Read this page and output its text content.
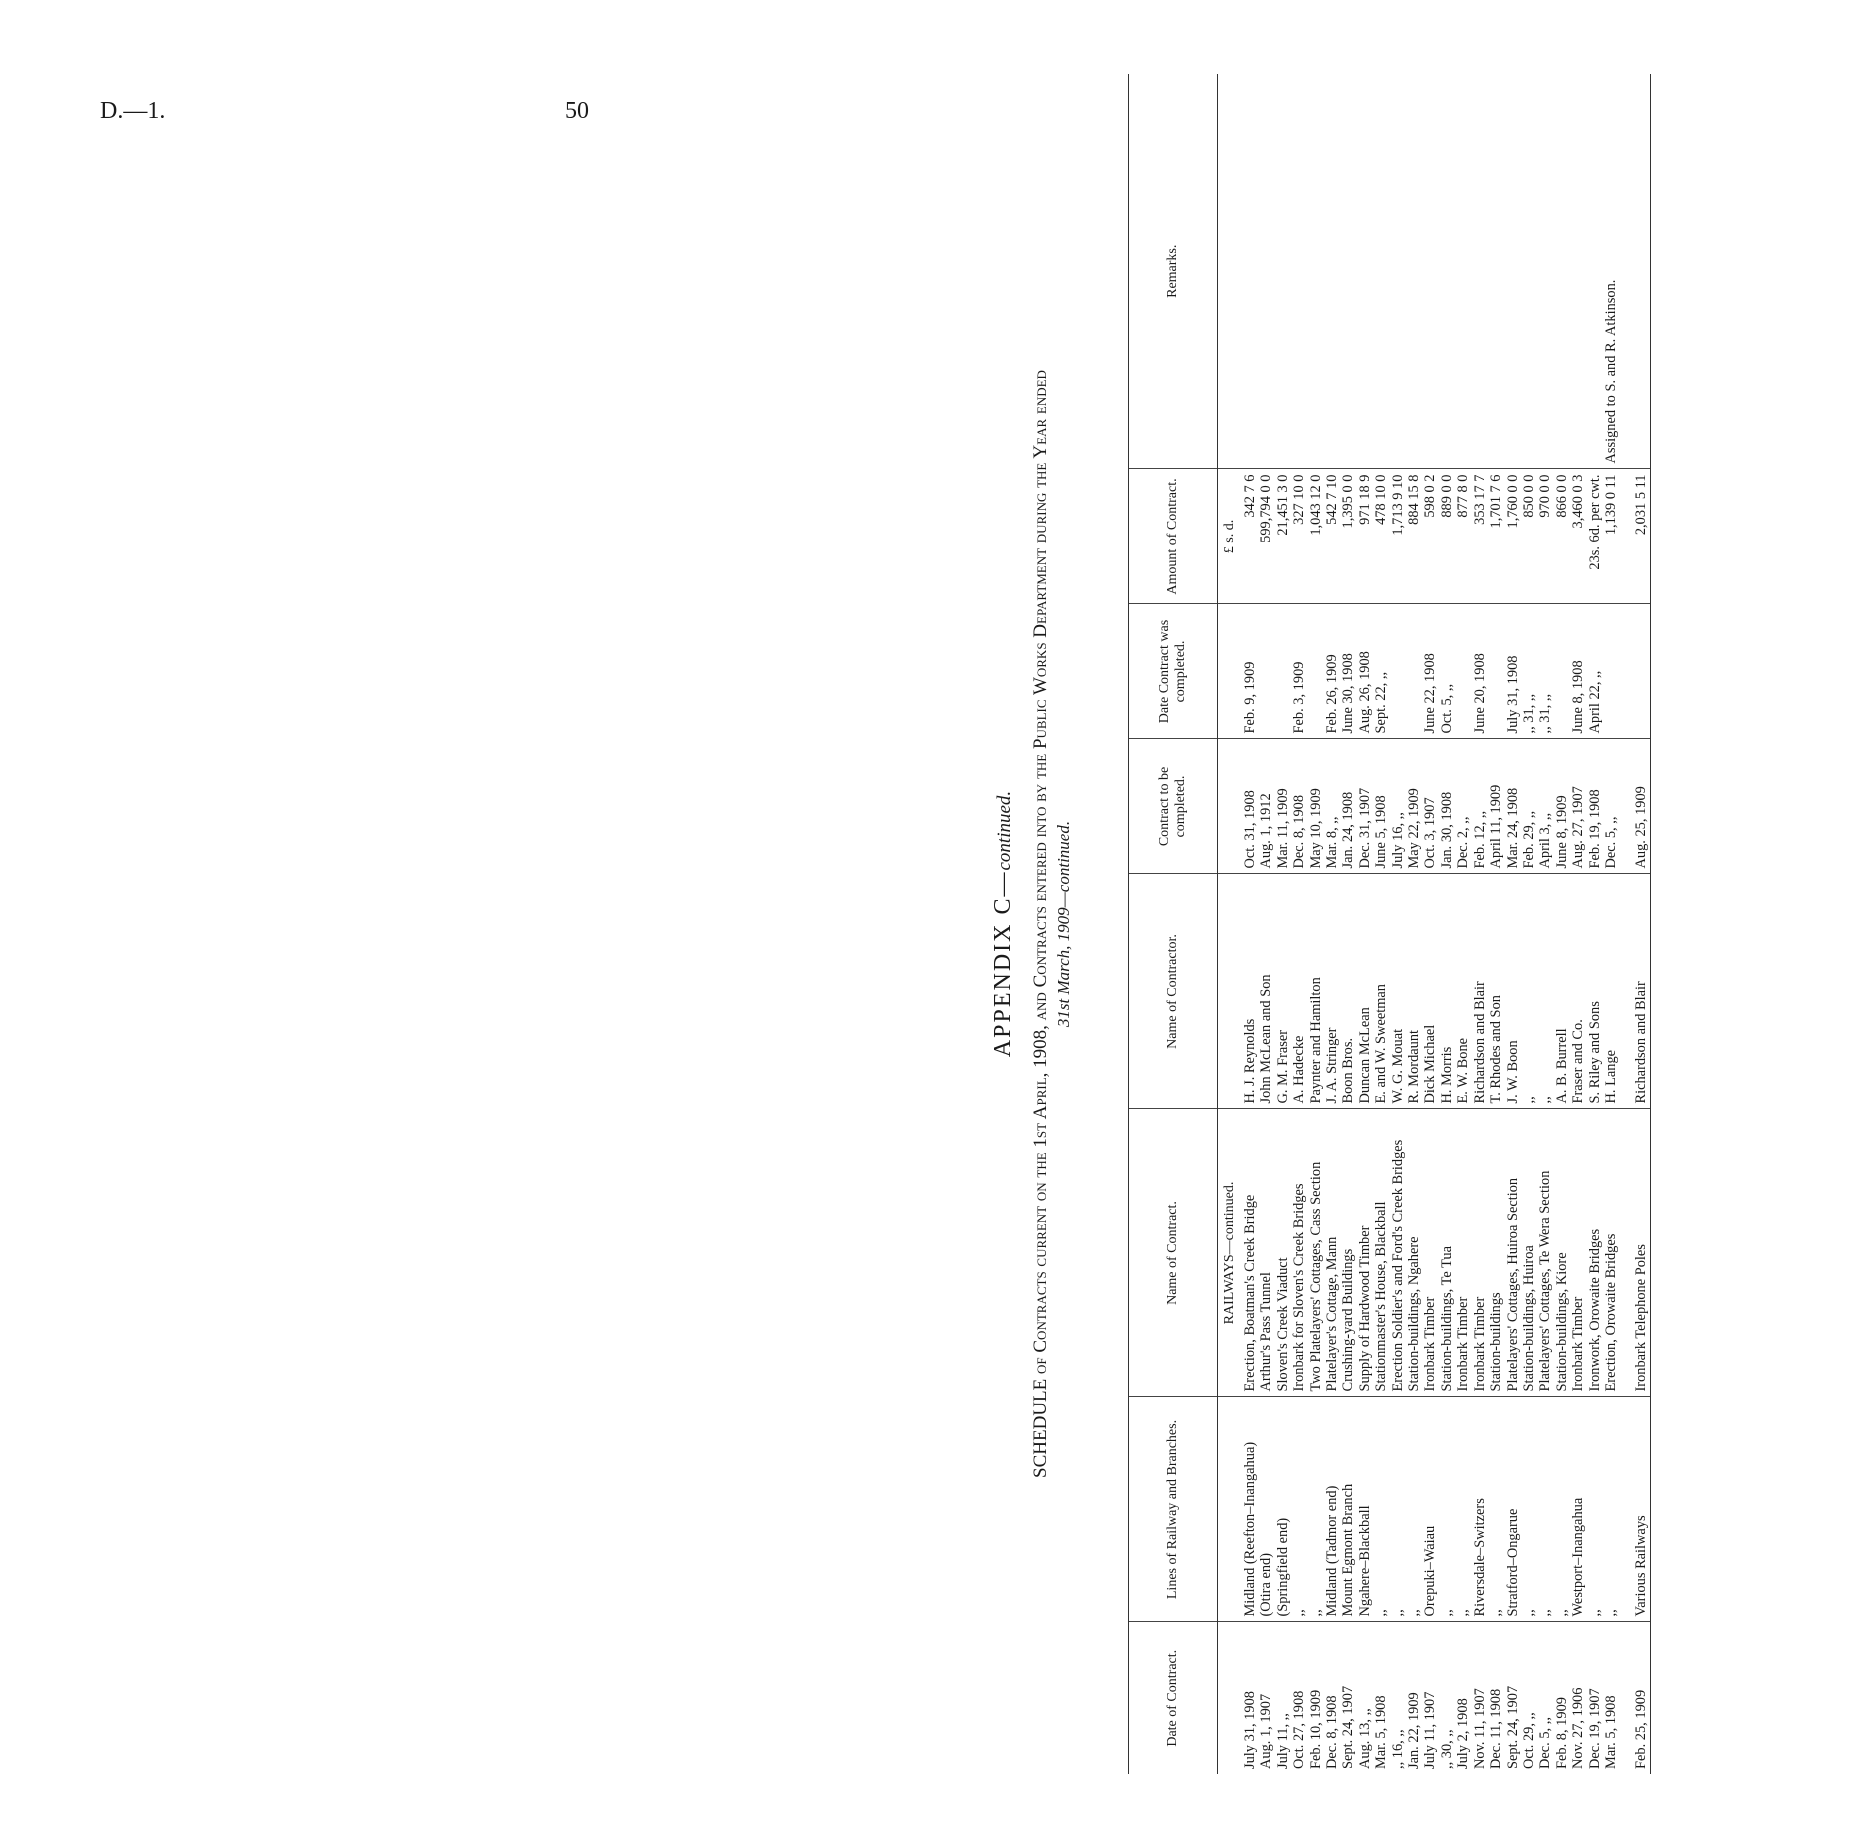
D.—1.	50
APPENDIX C—continued. SCHEDULE of Contracts current on the 1st April, 1908, and Contracts entered into by the Public Works Department during the Year ended 31st March, 1909—continued.
Date of Contract.	Lines of Railway and Branches.	Name of Contract.	Name of Contractor.	Contract to be completed.	Date Contract was completed.	Amount of Contract.	Remarks.
		RAILWAYS—continued.				£ s. d.	
July 31, 1908	Midland (Reefton–Inangahua)	Erection, Boatman's Creek Bridge	H. J. Reynolds	Oct. 31, 1908	Feb. 9, 1909	342 7 6	
Aug. 1, 1907	(Otira end)	Arthur's Pass Tunnel	John McLean and Son	Aug. 1, 1912		599,794 0 0	
July 11, ,,	(Springfield end)	Sloven's Creek Viaduct	G. M. Fraser	Mar. 11, 1909		21,451 3 0	
Oct. 27, 1908	,,	Ironbark for Sloven's Creek Bridges	A. Hadecke	Dec. 8, 1908	Feb. 3, 1909	327 10 0	
Feb. 10, 1909	,,	Two Platelayers' Cottages, Cass Section	Paynter and Hamilton	May 10, 1909		1,043 12 0	
Dec. 8, 1908	Midland (Tadmor end)	Platelayer's Cottage, Mann	J. A. Stringer	Mar. 8, ,,	Feb. 26, 1909	542 7 10	
Sept. 24, 1907	Mount Egmont Branch	Crushing-yard Buildings	Boon Bros.	Jan. 24, 1908	June 30, 1908	1,395 0 0	
Aug. 13, ,,	Ngahere–Blackball	Supply of Hardwood Timber	Duncan McLean	Dec. 31, 1907	Aug. 26, 1908	971 18 9	
Mar. 5, 1908	,,	Stationmaster's House, Blackball	E. and W. Sweetman	June 5, 1908	Sept. 22, ,,	478 10 0	
,, 16, ,,	,,	Erection Soldier's and Ford's Creek Bridges	W. G. Mouat	July 16, ,,		1,713 9 10	
Jan. 22, 1909	,,	Station-buildings, Ngahere	R. Mordaunt	May 22, 1909		884 15 8	
July 11, 1907	Orepuki–Waiau	Ironbark Timber	Dick Michael	Oct. 3, 1907	June 22, 1908	598 0 2	
,, 30, ,,	,,	Station-buildings, Te Tua	H. Morris	Jan. 30, 1908	Oct. 5, ,,	889 0 0	
July 2, 1908	,,	Ironbark Timber	E. W. Bone	Dec. 2, ,,		877 8 0	
Nov. 11, 1907	Riversdale–Switzers	Ironbark Timber	Richardson and Blair	Feb. 12, ,,	June 20, 1908	353 17 7	
Dec. 11, 1908	,,	Station-buildings	T. Rhodes and Son	April 11, 1909		1,701 7 6	
Sept. 24, 1907	Stratford–Ongarue	Platelayers' Cottages, Huiroa Section	J. W. Boon	Mar. 24, 1908	July 31, 1908	1,760 0 0	
Oct. 29, ,,	,,	Station-buildings, Huiroa	,,	Feb. 29, ,,	,, 31, ,,	850 0 0	
Dec. 5, ,,	,,	Platelayers' Cottages, Te Wera Section	,,	April 3, ,,	,, 31, ,,	970 0 0	
Feb. 8, 1909	,,	Station-buildings, Kiore	A. B. Burrell	June 8, 1909		866 0 0	
Nov. 27, 1906	Westport–Inangahua	Ironbark Timber	Fraser and Co.	Aug. 27, 1907	June 8, 1908	3,460 0 3	
Dec. 19, 1907	,,	Ironwork, Orowaite Bridges	S. Riley and Sons	Feb. 19, 1908	April 22, ,,	23s. 6d. per cwt.	
Mar. 5, 1908	,,	Erection, Orowaite Bridges	H. Lange	Dec. 5, ,,		1,139 0 11	Assigned to S. and R. Atkinson.

Feb. 25, 1909	Various Railways	Ironbark Telephone Poles	Richardson and Blair	Aug. 25, 1909		2,031 5 11	
